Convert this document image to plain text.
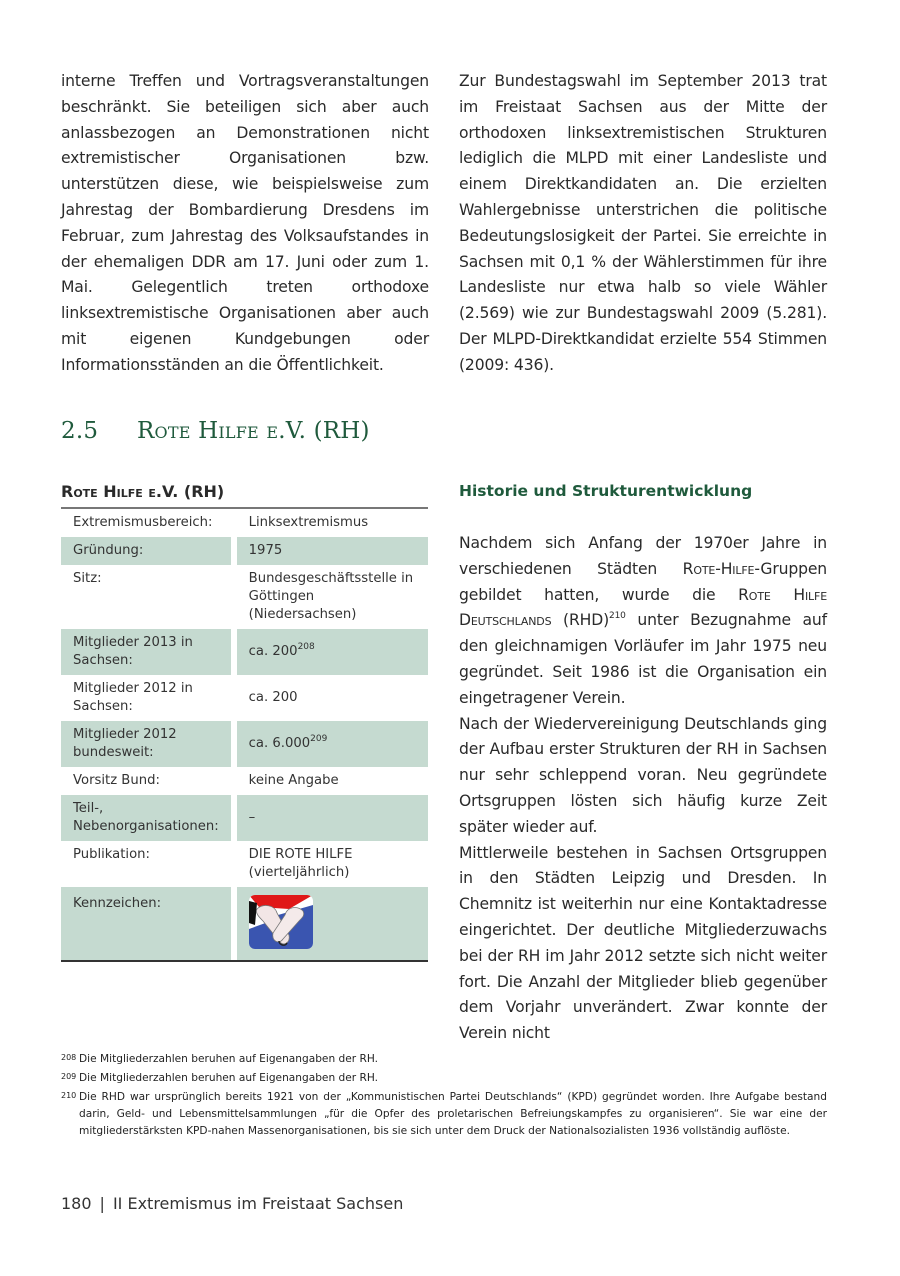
interne Treffen und Vortragsveranstaltungen beschränkt. Sie beteiligen sich aber auch anlassbezogen an Demonstrationen nicht extremistischer Organisationen bzw. unterstützen diese, wie beispielsweise zum Jahrestag der Bombardierung Dresdens im Februar, zum Jahrestag des Volksaufstandes in der ehemaligen DDR am 17. Juni oder zum 1. Mai. Gelegentlich treten orthodoxe linksextremistische Organisationen aber auch mit eigenen Kundgebungen oder Informationsständen an die Öffentlichkeit.

Zur Bundestagswahl im September 2013 trat im Freistaat Sachsen aus der Mitte der orthodoxen linksextremistischen Strukturen lediglich die MLPD mit einer Landesliste und einem Direktkandidaten an. Die erzielten Wahlergebnisse unterstrichen die politische Bedeutungslosigkeit der Partei. Sie erreichte in Sachsen mit 0,1 % der Wählerstimmen für ihre Landesliste nur etwa halb so viele Wähler (2.569) wie zur Bundestagswahl 2009 (5.281). Der MLPD-Direktkandidat erzielte 554 Stimmen (2009: 436).

2.5 Rote Hilfe e.V. (RH)
Rote Hilfe e.V. (RH)
Extremismusbereich:	Linksextremismus
Gründung:	1975
Sitz:	Bundesgeschäftsstelle in Göttingen (Niedersachsen)
Mitglieder 2013 in Sachsen:	ca. $200^{208}$
Mitglieder 2012 in Sachsen:	ca. 200
Mitglieder 2012 bundesweit:	ca. 6.000$^{209}$
Vorsitz Bund:	keine Angabe
Teil-, Nebenorganisationen:	–
Publikation:	DIE ROTE HILFE (vierteljährlich)
Kennzeichen:	
Historie und Strukturentwicklung

Nachdem sich Anfang der 1970er Jahre in verschiedenen Städten Rote-Hilfe-Gruppen gebildet hatten, wurde die Rote Hilfe Deutschlands (RHD)$^{210}$ unter Bezugnahme auf den gleichnamigen Vorläufer im Jahr 1975 neu gegründet. Seit 1986 ist die Organisation ein eingetragener Verein.

Nach der Wiedervereinigung Deutschlands ging der Aufbau erster Strukturen der RH in Sachsen nur sehr schleppend voran. Neu gegründete Ortsgruppen lösten sich häufig kurze Zeit später wieder auf.

Mittlerweile bestehen in Sachsen Ortsgruppen in den Städten Leipzig und Dresden. In Chemnitz ist weiterhin nur eine Kontaktadresse eingerichtet. Der deutliche Mitgliederzuwachs bei der RH im Jahr 2012 setzte sich nicht weiter fort. Die Anzahl der Mitglieder blieb gegenüber dem Vorjahr unverändert. Zwar konnte der Verein nicht

208 Die Mitgliederzahlen beruhen auf Eigenangaben der RH.
209 Die Mitgliederzahlen beruhen auf Eigenangaben der RH.
210 Die RHD war ursprünglich bereits 1921 von der „Kommunistischen Partei Deutschlands“ (KPD) gegründet worden. Ihre Aufgabe bestand darin, Geld- und Lebensmittelsammlungen „für die Opfer des proletarischen Befreiungskampfes zu organisieren“. Sie war eine der mitgliederstärksten KPD-nahen Massenorganisationen, bis sie sich unter dem Druck der Nationalsozialisten 1936 vollständig auflöste.
180 | II Extremismus im Freistaat Sachsen
